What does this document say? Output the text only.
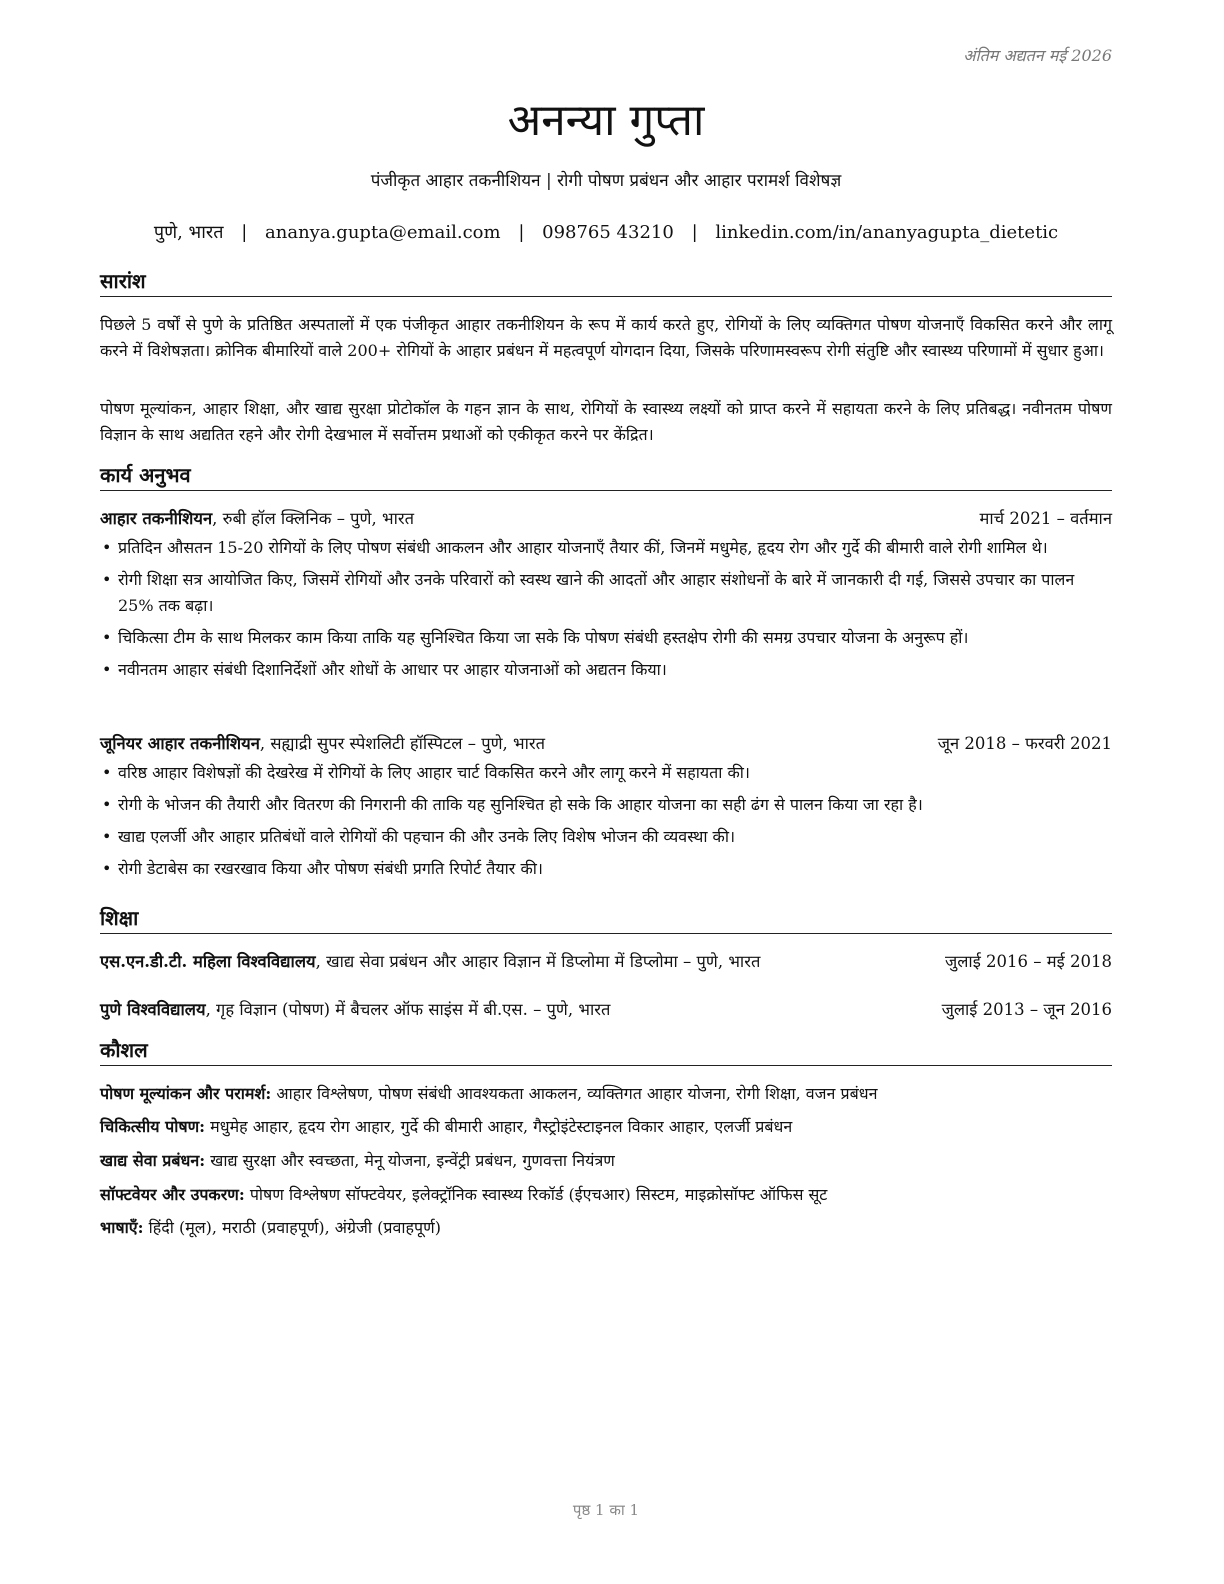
अंतिम अद्यतन मई 2026
अनन्या गुप्ता
पंजीकृत आहार तकनीशियन | रोगी पोषण प्रबंधन और आहार परामर्श विशेषज्ञ
पुणे, भारत | ananya.gupta@email.com | 098765 43210 | linkedin.com/in/ananyagupta_dietetic
सारांश
पिछले 5 वर्षों से पुणे के प्रतिष्ठित अस्पतालों में एक पंजीकृत आहार तकनीशियन के रूप में कार्य करते हुए, रोगियों के लिए व्यक्तिगत पोषण योजनाएँ विकसित करने और लागू करने में विशेषज्ञता। क्रोनिक बीमारियों वाले 200+ रोगियों के आहार प्रबंधन में महत्वपूर्ण योगदान दिया, जिसके परिणामस्वरूप रोगी संतुष्टि और स्वास्थ्य परिणामों में सुधार हुआ।
पोषण मूल्यांकन, आहार शिक्षा, और खाद्य सुरक्षा प्रोटोकॉल के गहन ज्ञान के साथ, रोगियों के स्वास्थ्य लक्ष्यों को प्राप्त करने में सहायता करने के लिए प्रतिबद्ध। नवीनतम पोषण विज्ञान के साथ अद्यतित रहने और रोगी देखभाल में सर्वोत्तम प्रथाओं को एकीकृत करने पर केंद्रित।
कार्य अनुभव
आहार तकनीशियन, रुबी हॉल क्लिनिक – पुणे, भारत	मार्च 2021 – वर्तमान
• प्रतिदिन औसतन 15-20 रोगियों के लिए पोषण संबंधी आकलन और आहार योजनाएँ तैयार कीं, जिनमें मधुमेह, हृदय रोग और गुर्दे की बीमारी वाले रोगी शामिल थे।
• रोगी शिक्षा सत्र आयोजित किए, जिसमें रोगियों और उनके परिवारों को स्वस्थ खाने की आदतों और आहार संशोधनों के बारे में जानकारी दी गई, जिससे उपचार का पालन 25% तक बढ़ा।
• चिकित्सा टीम के साथ मिलकर काम किया ताकि यह सुनिश्चित किया जा सके कि पोषण संबंधी हस्तक्षेप रोगी की समग्र उपचार योजना के अनुरूप हों।
• नवीनतम आहार संबंधी दिशानिर्देशों और शोधों के आधार पर आहार योजनाओं को अद्यतन किया।
जूनियर आहार तकनीशियन, सह्याद्री सुपर स्पेशलिटी हॉस्पिटल – पुणे, भारत	जून 2018 – फरवरी 2021
• वरिष्ठ आहार विशेषज्ञों की देखरेख में रोगियों के लिए आहार चार्ट विकसित करने और लागू करने में सहायता की।
• रोगी के भोजन की तैयारी और वितरण की निगरानी की ताकि यह सुनिश्चित हो सके कि आहार योजना का सही ढंग से पालन किया जा रहा है।
• खाद्य एलर्जी और आहार प्रतिबंधों वाले रोगियों की पहचान की और उनके लिए विशेष भोजन की व्यवस्था की।
• रोगी डेटाबेस का रखरखाव किया और पोषण संबंधी प्रगति रिपोर्ट तैयार की।
शिक्षा
एस.एन.डी.टी. महिला विश्वविद्यालय, खाद्य सेवा प्रबंधन और आहार विज्ञान में डिप्लोमा में डिप्लोमा – पुणे, भारत	जुलाई 2016 – मई 2018
पुणे विश्वविद्यालय, गृह विज्ञान (पोषण) में बैचलर ऑफ साइंस में बी.एस. – पुणे, भारत	जुलाई 2013 – जून 2016
कौशल
पोषण मूल्यांकन और परामर्श: आहार विश्लेषण, पोषण संबंधी आवश्यकता आकलन, व्यक्तिगत आहार योजना, रोगी शिक्षा, वजन प्रबंधन
चिकित्सीय पोषण: मधुमेह आहार, हृदय रोग आहार, गुर्दे की बीमारी आहार, गैस्ट्रोइंटेस्टाइनल विकार आहार, एलर्जी प्रबंधन
खाद्य सेवा प्रबंधन: खाद्य सुरक्षा और स्वच्छता, मेनू योजना, इन्वेंट्री प्रबंधन, गुणवत्ता नियंत्रण
सॉफ्टवेयर और उपकरण: पोषण विश्लेषण सॉफ्टवेयर, इलेक्ट्रॉनिक स्वास्थ्य रिकॉर्ड (ईएचआर) सिस्टम, माइक्रोसॉफ्ट ऑफिस सूट
भाषाएँ: हिंदी (मूल), मराठी (प्रवाहपूर्ण), अंग्रेजी (प्रवाहपूर्ण)
पृष्ठ 1 का 1
